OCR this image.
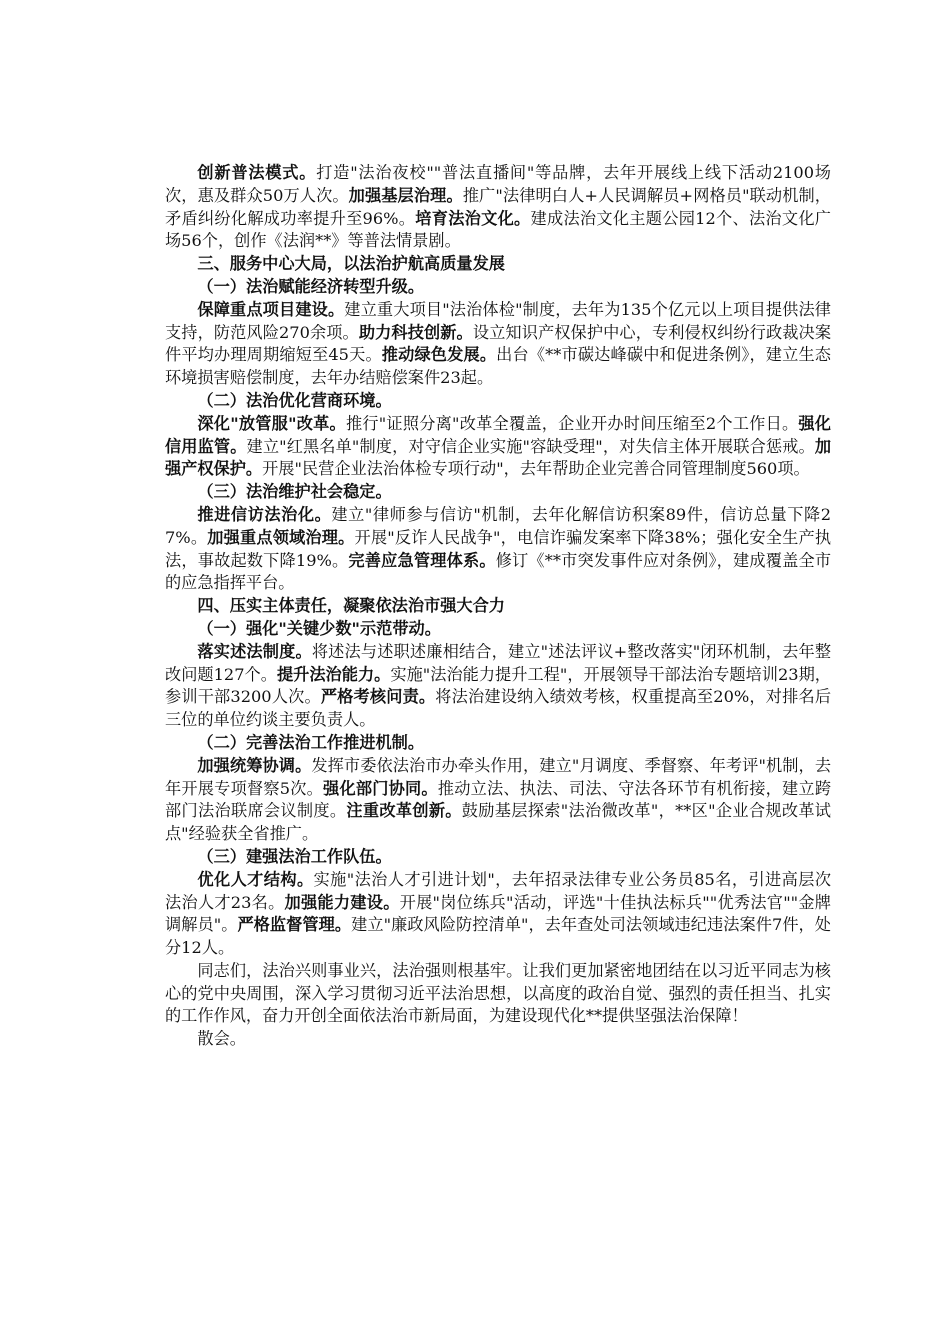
创新普法模式。打造"法治夜校""普法直播间"等品牌，去年开展线上线下活动2100场次，惠及群众50万人次。加强基层治理。推广"法律明白人+人民调解员+网格员"联动机制，矛盾纠纷化解成功率提升至96%。培育法治文化。建成法治文化主题公园12个、法治文化广场56个，创作《法润**》等普法情景剧。

三、服务中心大局，以法治护航高质量发展

（一）法治赋能经济转型升级。

保障重点项目建设。建立重大项目"法治体检"制度，去年为135个亿元以上项目提供法律支持，防范风险270余项。助力科技创新。设立知识产权保护中心，专利侵权纠纷行政裁决案件平均办理周期缩短至45天。推动绿色发展。出台《**市碳达峰碳中和促进条例》，建立生态环境损害赔偿制度，去年办结赔偿案件23起。

（二）法治优化营商环境。

深化"放管服"改革。推行"证照分离"改革全覆盖，企业开办时间压缩至2个工作日。强化信用监管。建立"红黑名单"制度，对守信企业实施"容缺受理"，对失信主体开展联合惩戒。加强产权保护。开展"民营企业法治体检专项行动"，去年帮助企业完善合同管理制度560项。

（三）法治维护社会稳定。

推进信访法治化。建立"律师参与信访"机制，去年化解信访积案89件，信访总量下降27%。加强重点领域治理。开展"反诈人民战争"，电信诈骗发案率下降38%；强化安全生产执法，事故起数下降19%。完善应急管理体系。修订《**市突发事件应对条例》，建成覆盖全市的应急指挥平台。

四、压实主体责任，凝聚依法治市强大合力

（一）强化"关键少数"示范带动。

落实述法制度。将述法与述职述廉相结合，建立"述法评议+整改落实"闭环机制，去年整改问题127个。提升法治能力。实施"法治能力提升工程"，开展领导干部法治专题培训23期，参训干部3200人次。严格考核问责。将法治建设纳入绩效考核，权重提高至20%，对排名后三位的单位约谈主要负责人。

（二）完善法治工作推进机制。

加强统筹协调。发挥市委依法治市办牵头作用，建立"月调度、季督察、年考评"机制，去年开展专项督察5次。强化部门协同。推动立法、执法、司法、守法各环节有机衔接，建立跨部门法治联席会议制度。注重改革创新。鼓励基层探索"法治微改革"，**区"企业合规改革试点"经验获全省推广。

（三）建强法治工作队伍。

优化人才结构。实施"法治人才引进计划"，去年招录法律专业公务员85名，引进高层次法治人才23名。加强能力建设。开展"岗位练兵"活动，评选"十佳执法标兵""优秀法官""金牌调解员"。严格监督管理。建立"廉政风险防控清单"，去年查处司法领域违纪违法案件7件，处分12人。

同志们，法治兴则事业兴，法治强则根基牢。让我们更加紧密地团结在以习近平同志为核心的党中央周围，深入学习贯彻习近平法治思想，以高度的政治自觉、强烈的责任担当、扎实的工作作风，奋力开创全面依法治市新局面，为建设现代化**提供坚强法治保障！

散会。
